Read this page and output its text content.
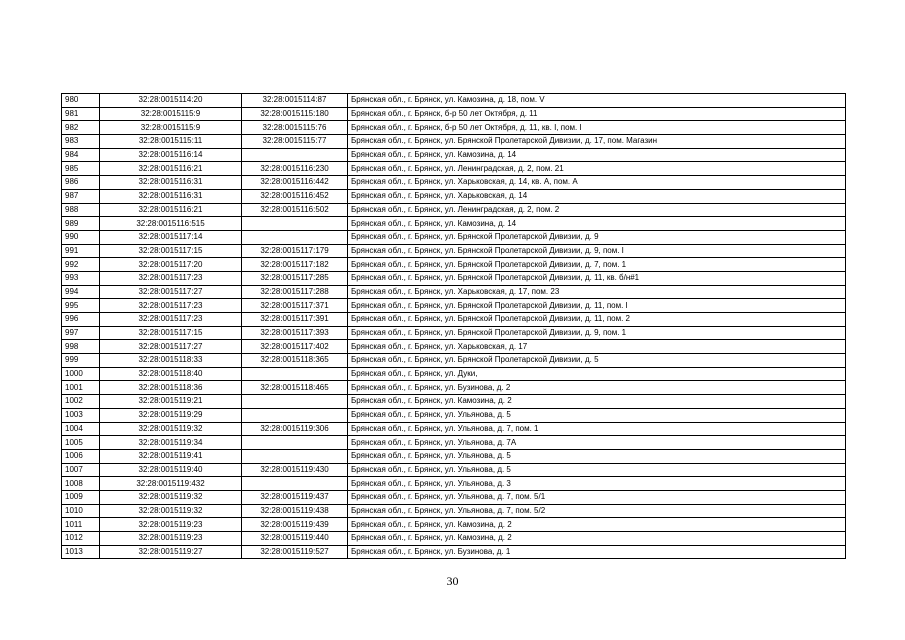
980	32:28:0015114:20	32:28:0015114:87	Брянская обл., г. Брянск, ул. Камозина, д. 18, пом. V
981	32:28:0015115:9	32:28:0015115:180	Брянская обл., г. Брянск, б-р 50 лет Октября, д. 11
982	32:28:0015115:9	32:28:0015115:76	Брянская обл., г. Брянск, б-р 50 лет Октября, д. 11, кв. I, пом. I
983	32:28:0015115:11	32:28:0015115:77	Брянская обл., г. Брянск, ул. Брянской Пролетарской Дивизии, д. 17, пом. Магазин
984	32:28:0015116:14		Брянская обл., г. Брянск, ул. Камозина, д. 14
985	32:28:0015116:21	32:28:0015116:230	Брянская обл., г. Брянск, ул. Ленинградская, д. 2, пом. 21
986	32:28:0015116:31	32:28:0015116:442	Брянская обл., г. Брянск, ул. Харьковская, д. 14, кв. А, пом. А
987	32:28:0015116:31	32:28:0015116:452	Брянская обл., г. Брянск, ул. Харьковская, д. 14
988	32:28:0015116:21	32:28:0015116:502	Брянская обл., г. Брянск, ул. Ленинградская, д. 2, пом. 2
989	32:28:0015116:515		Брянская обл., г. Брянск, ул. Камозина, д. 14
990	32:28:0015117:14		Брянская обл., г. Брянск, ул. Брянской Пролетарской Дивизии, д. 9
991	32:28:0015117:15	32:28:0015117:179	Брянская обл., г. Брянск, ул. Брянской Пролетарской Дивизии, д. 9, пом. I
992	32:28:0015117:20	32:28:0015117:182	Брянская обл., г. Брянск, ул. Брянской Пролетарской Дивизии, д. 7, пом. 1
993	32:28:0015117:23	32:28:0015117:285	Брянская обл., г. Брянск, ул. Брянской Пролетарской Дивизии, д. 11, кв. б/н#1
994	32:28:0015117:27	32:28:0015117:288	Брянская обл., г. Брянск, ул. Харьковская, д. 17, пом. 23
995	32:28:0015117:23	32:28:0015117:371	Брянская обл., г. Брянск, ул. Брянской Пролетарской Дивизии, д. 11, пом. I
996	32:28:0015117:23	32:28:0015117:391	Брянская обл., г. Брянск, ул. Брянской Пролетарской Дивизии, д. 11, пом. 2
997	32:28:0015117:15	32:28:0015117:393	Брянская обл., г. Брянск, ул. Брянской Пролетарской Дивизии, д. 9, пом. 1
998	32:28:0015117:27	32:28:0015117:402	Брянская обл., г. Брянск, ул. Харьковская, д. 17
999	32:28:0015118:33	32:28:0015118:365	Брянская обл., г. Брянск, ул. Брянской Пролетарской Дивизии, д. 5
1000	32:28:0015118:40		Брянская обл., г. Брянск, ул. Дуки,
1001	32:28:0015118:36	32:28:0015118:465	Брянская обл., г. Брянск, ул. Бузинова, д. 2
1002	32:28:0015119:21		Брянская обл., г. Брянск, ул. Камозина, д. 2
1003	32:28:0015119:29		Брянская обл., г. Брянск, ул. Ульянова, д. 5
1004	32:28:0015119:32	32:28:0015119:306	Брянская обл., г. Брянск, ул. Ульянова, д. 7, пом. 1
1005	32:28:0015119:34		Брянская обл., г. Брянск, ул. Ульянова, д. 7А
1006	32:28:0015119:41		Брянская обл., г. Брянск, ул. Ульянова, д. 5
1007	32:28:0015119:40	32:28:0015119:430	Брянская обл., г. Брянск, ул. Ульянова, д. 5
1008	32:28:0015119:432		Брянская обл., г. Брянск, ул. Ульянова, д. 3
1009	32:28:0015119:32	32:28:0015119:437	Брянская обл., г. Брянск, ул. Ульянова, д. 7, пом. 5/1
1010	32:28:0015119:32	32:28:0015119:438	Брянская обл., г. Брянск, ул. Ульянова, д. 7, пом. 5/2
1011	32:28:0015119:23	32:28:0015119:439	Брянская обл., г. Брянск, ул. Камозина, д. 2
1012	32:28:0015119:23	32:28:0015119:440	Брянская обл., г. Брянск, ул. Камозина, д. 2
1013	32:28:0015119:27	32:28:0015119:527	Брянская обл., г. Брянск, ул. Бузинова, д. 1
30
